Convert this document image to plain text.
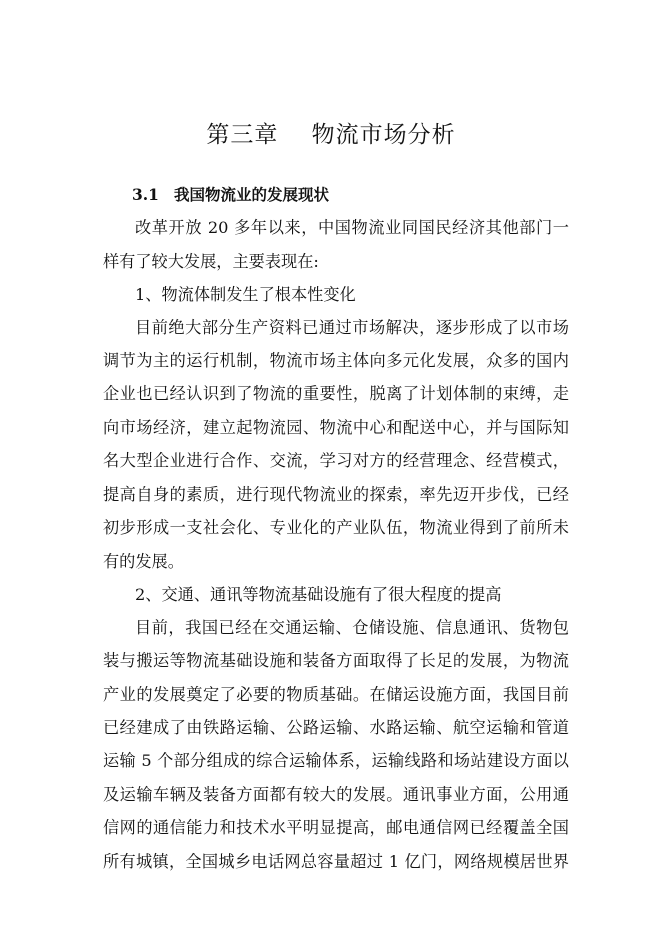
第三章    物流市场分析
3.1 我国物流业的发展现状
改革开放 20 多年以来，中国物流业同国民经济其他部门一
样有了较大发展，主要表现在:
1、物流体制发生了根本性变化
目前绝大部分生产资料已通过市场解决，逐步形成了以市场
调节为主的运行机制，物流市场主体向多元化发展，众多的国内
企业也已经认识到了物流的重要性，脱离了计划体制的束缚，走
向市场经济，建立起物流园、物流中心和配送中心，并与国际知
名大型企业进行合作、交流，学习对方的经营理念、经营模式，
提高自身的素质，进行现代物流业的探索，率先迈开步伐，已经
初步形成一支社会化、专业化的产业队伍，物流业得到了前所未
有的发展。
2、交通、通讯等物流基础设施有了很大程度的提高
目前，我国已经在交通运输、仓储设施、信息通讯、货物包
装与搬运等物流基础设施和装备方面取得了长足的发展，为物流
产业的发展奠定了必要的物质基础。在储运设施方面，我国目前
已经建成了由铁路运输、公路运输、水路运输、航空运输和管道
运输 5 个部分组成的综合运输体系，运输线路和场站建设方面以
及运输车辆及装备方面都有较大的发展。通讯事业方面，公用通
信网的通信能力和技术水平明显提高，邮电通信网已经覆盖全国
所有城镇，全国城乡电话网总容量超过 1 亿门，网络规模居世界
